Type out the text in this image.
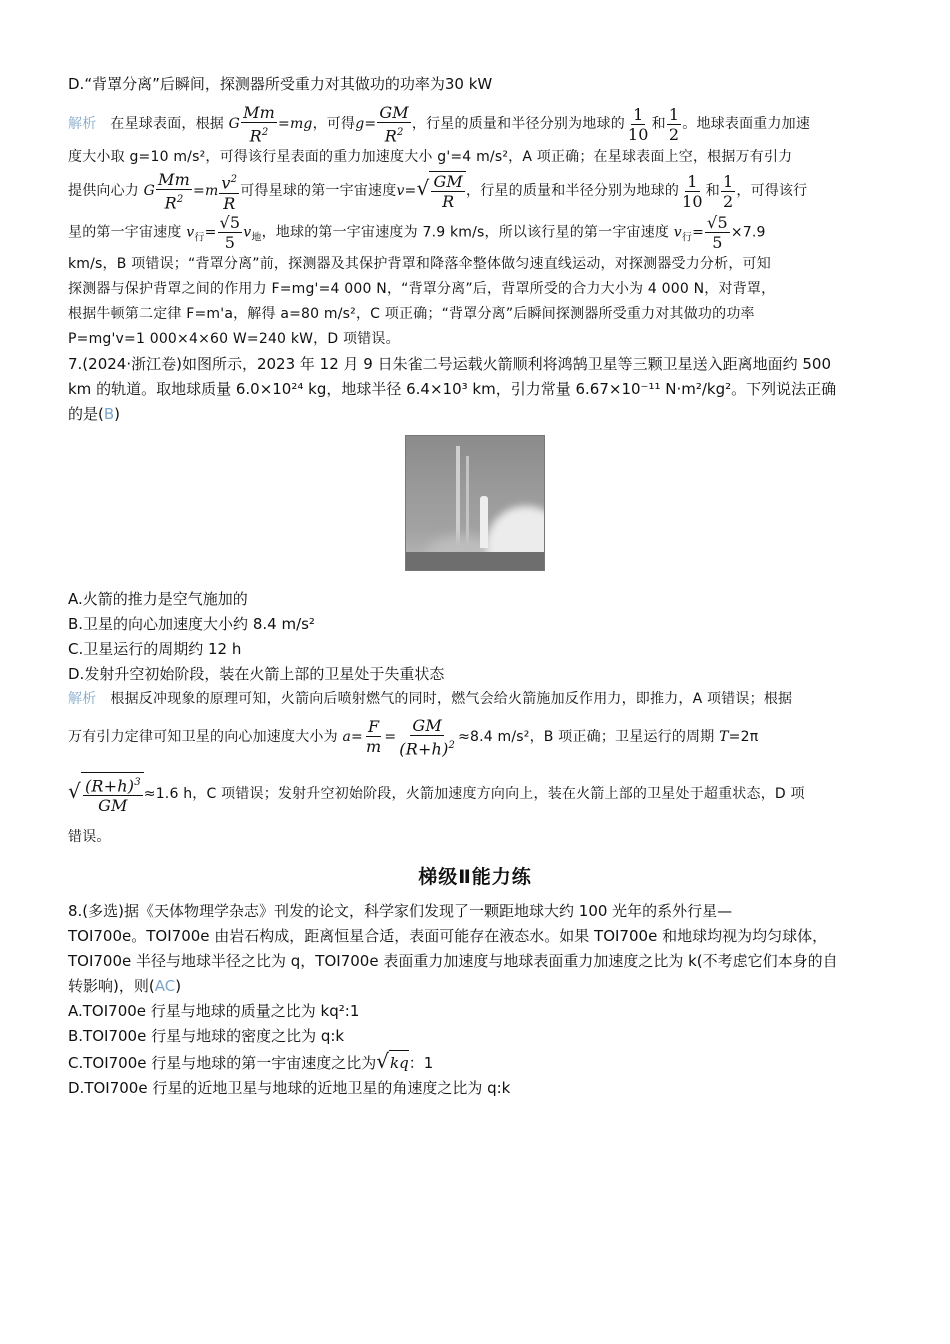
D.“背罩分离”后瞬间，探测器所受重力对其做功的功率为30 kW

解析 在星球表面，根据 G $\frac{Mm}{R^2} =mg$，可得$g= \frac{GM}{R^2}$ ，行星的质量和半径分别为地球的 $\frac{1}{10}$ 和 $\frac{1}{2}$ 。地球表面重力加速

度大小取 g=10 m/s²，可得该行星表面的重力加速度大小 g'=4 m/s²，A 项正确；在星球表面上空，根据万有引力

提供向心力 G $\frac{Mm}{R^2} =m \frac{v^2}{R}$ 可得星球的第一宇宙速度$v=√ \frac{GM}{R}$ ，行星的质量和半径分别为地球的 $\frac{1}{10}$ 和 $\frac{1}{2}$ ，可得该行

星的第一宇宙速度 $v_行= \frac{√5}{5} v_地$，地球的第一宇宙速度为 7.9 km/s，所以该行星的第一宇宙速度 $v_行= \frac{√5}{5} \times 7.9$

km/s，B 项错误；“背罩分离”前，探测器及其保护背罩和降落伞整体做匀速直线运动，对探测器受力分析，可知

探测器与保护背罩之间的作用力 F=mg'=4 000 N，“背罩分离”后，背罩所受的合力大小为 4 000 N，对背罩，

根据牛顿第二定律 F=m'a，解得 a=80 m/s²，C 项正确；“背罩分离”后瞬间探测器所受重力对其做功的功率

P=mg'v=1 000×4×60 W=240 kW，D 项错误。

7.(2024·浙江卷)如图所示，2023 年 12 月 9 日朱雀二号运载火箭顺利将鸿鹄卫星等三颗卫星送入距离地面约 500

km 的轨道。取地球质量 6.0×10²⁴ kg，地球半径 6.4×10³ km，引力常量 6.67×10⁻¹¹ N·m²/kg²。下列说法正确

的是(B)

A.火箭的推力是空气施加的

B.卫星的向心加速度大小约 8.4 m/s²

C.卫星运行的周期约 12 h

D.发射升空初始阶段，装在火箭上部的卫星处于失重状态

解析 根据反冲现象的原理可知，火箭向后喷射燃气的同时，燃气会给火箭施加反作用力，即推力，A 项错误；根据

万有引力定律可知卫星的向心加速度大小为 $a= \frac{F}{m} = \frac{GM}{(R+h)^2} \approx 8.4$ m/s²，B 项正确；卫星运行的周期 T=2π

√ $\frac{(R+h)^3}{GM} \approx 1.6$ h，C 项错误；发射升空初始阶段，火箭加速度方向向上，装在火箭上部的卫星处于超重状态，D 项

错误。

梯级Ⅱ能力练

8.(多选)据《天体物理学杂志》刊发的论文，科学家们发现了一颗距地球大约 100 光年的系外行星—

TOI700e。TOI700e 由岩石构成，距离恒星合适，表面可能存在液态水。如果 TOI700e 和地球均视为均匀球体，

TOI700e 半径与地球半径之比为 q，TOI700e 表面重力加速度与地球表面重力加速度之比为 k(不考虑它们本身的自

转影响)，则(AC)

A.TOI700e 行星与地球的质量之比为 kq²:1

B.TOI700e 行星与地球的密度之比为 q:k

C.TOI700e 行星与地球的第一宇宙速度之比为√kq：1

D.TOI700e 行星的近地卫星与地球的近地卫星的角速度之比为 q:k
